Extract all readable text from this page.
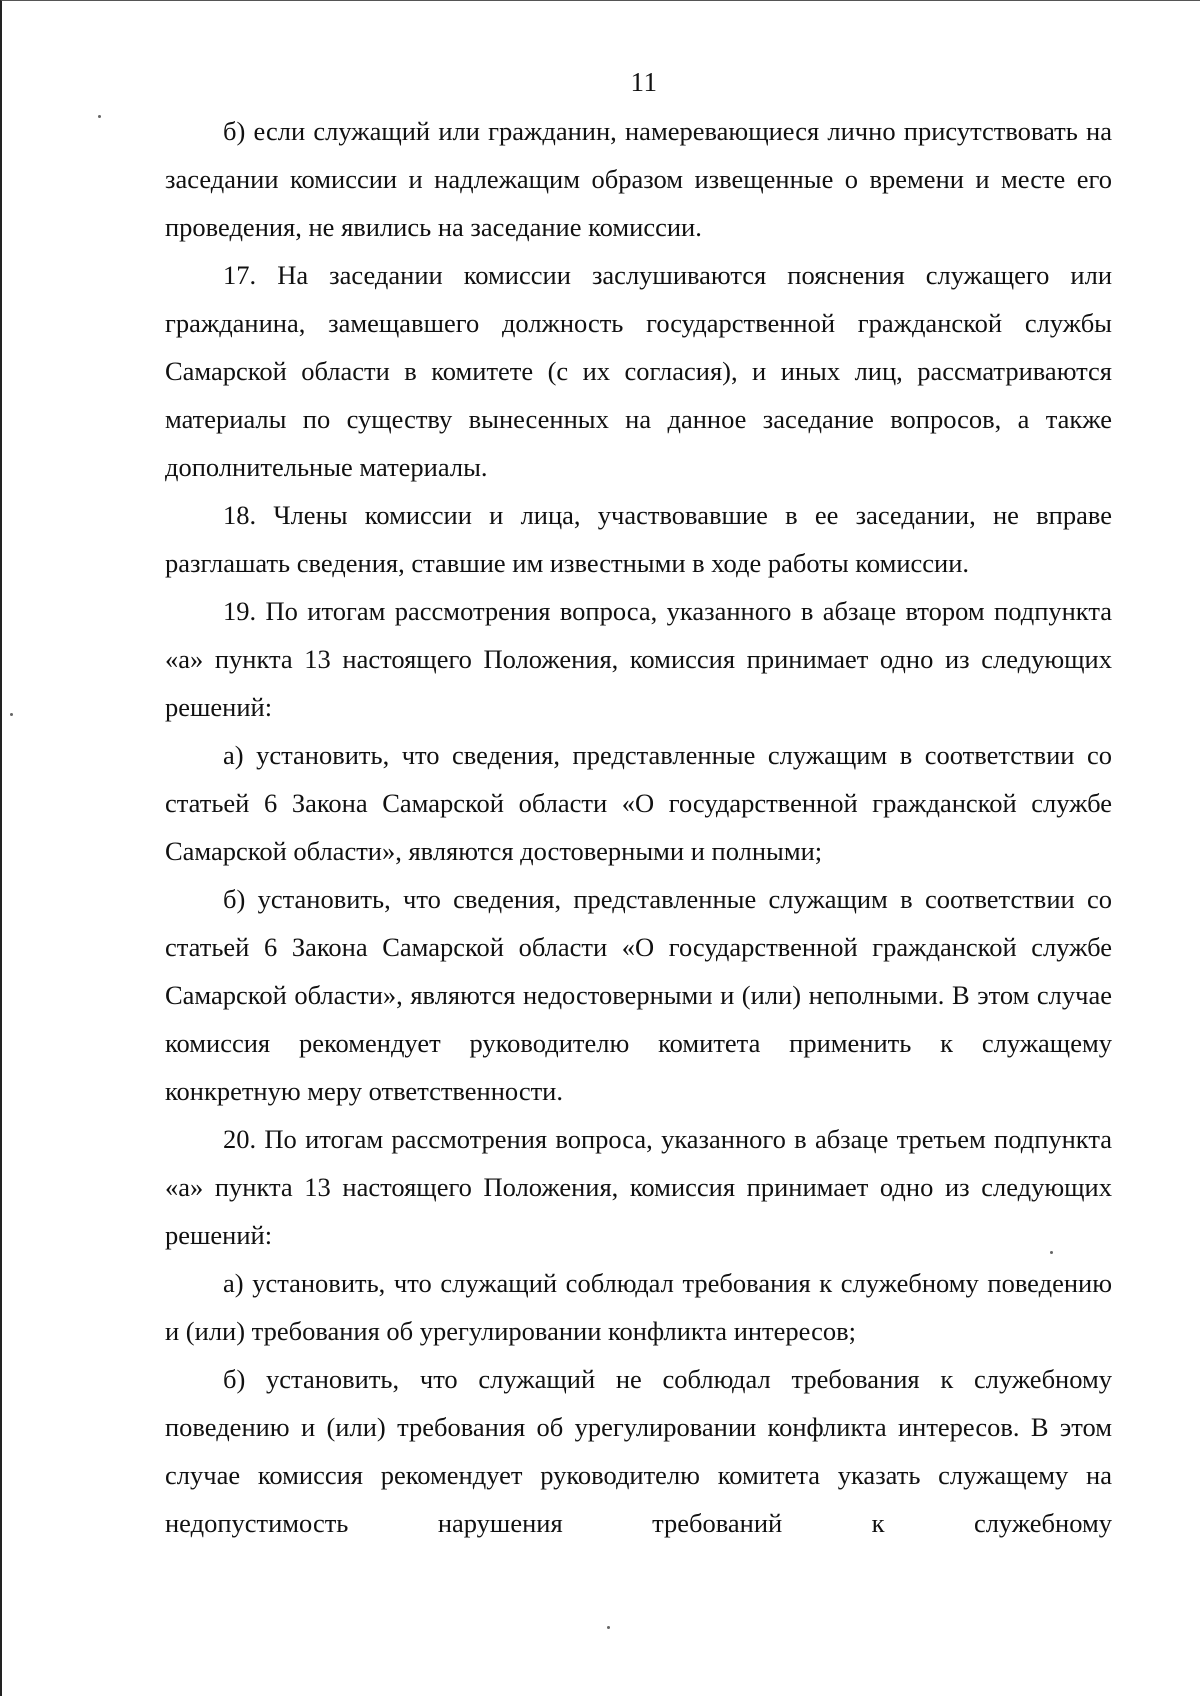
11

б) если служащий или гражданин, намеревающиеся лично присутствовать на заседании комиссии и надлежащим образом извещенные о времени и месте его проведения, не явились на заседание комиссии.

17. На заседании комиссии заслушиваются пояснения служащего или гражданина, замещавшего должность государственной гражданской службы Самарской области в комитете (с их согласия), и иных лиц, рассматриваются материалы по существу вынесенных на данное заседание вопросов, а также дополнительные материалы.

18. Члены комиссии и лица, участвовавшие в ее заседании, не вправе разглашать сведения, ставшие им известными в ходе работы комиссии.

19. По итогам рассмотрения вопроса, указанного в абзаце втором подпункта «а» пункта 13 настоящего Положения, комиссия принимает одно из следующих решений:

а) установить, что сведения, представленные служащим в соответствии со статьей 6 Закона Самарской области «О государственной гражданской службе Самарской области», являются достоверными и полными;

б) установить, что сведения, представленные служащим в соответствии со статьей 6 Закона Самарской области «О государственной гражданской службе Самарской области», являются недостоверными и (или) неполными. В этом случае комиссия рекомендует руководителю комитета применить к служащему конкретную меру ответственности.

20. По итогам рассмотрения вопроса, указанного в абзаце третьем подпункта «а» пункта 13 настоящего Положения, комиссия принимает одно из следующих решений:

а) установить, что служащий соблюдал требования к служебному поведению и (или) требования об урегулировании конфликта интересов;

б) установить, что служащий не соблюдал требования к служебному поведению и (или) требования об урегулировании конфликта интересов. В этом случае комиссия рекомендует руководителю комитета указать служащему на недопустимость нарушения требований к служебному
